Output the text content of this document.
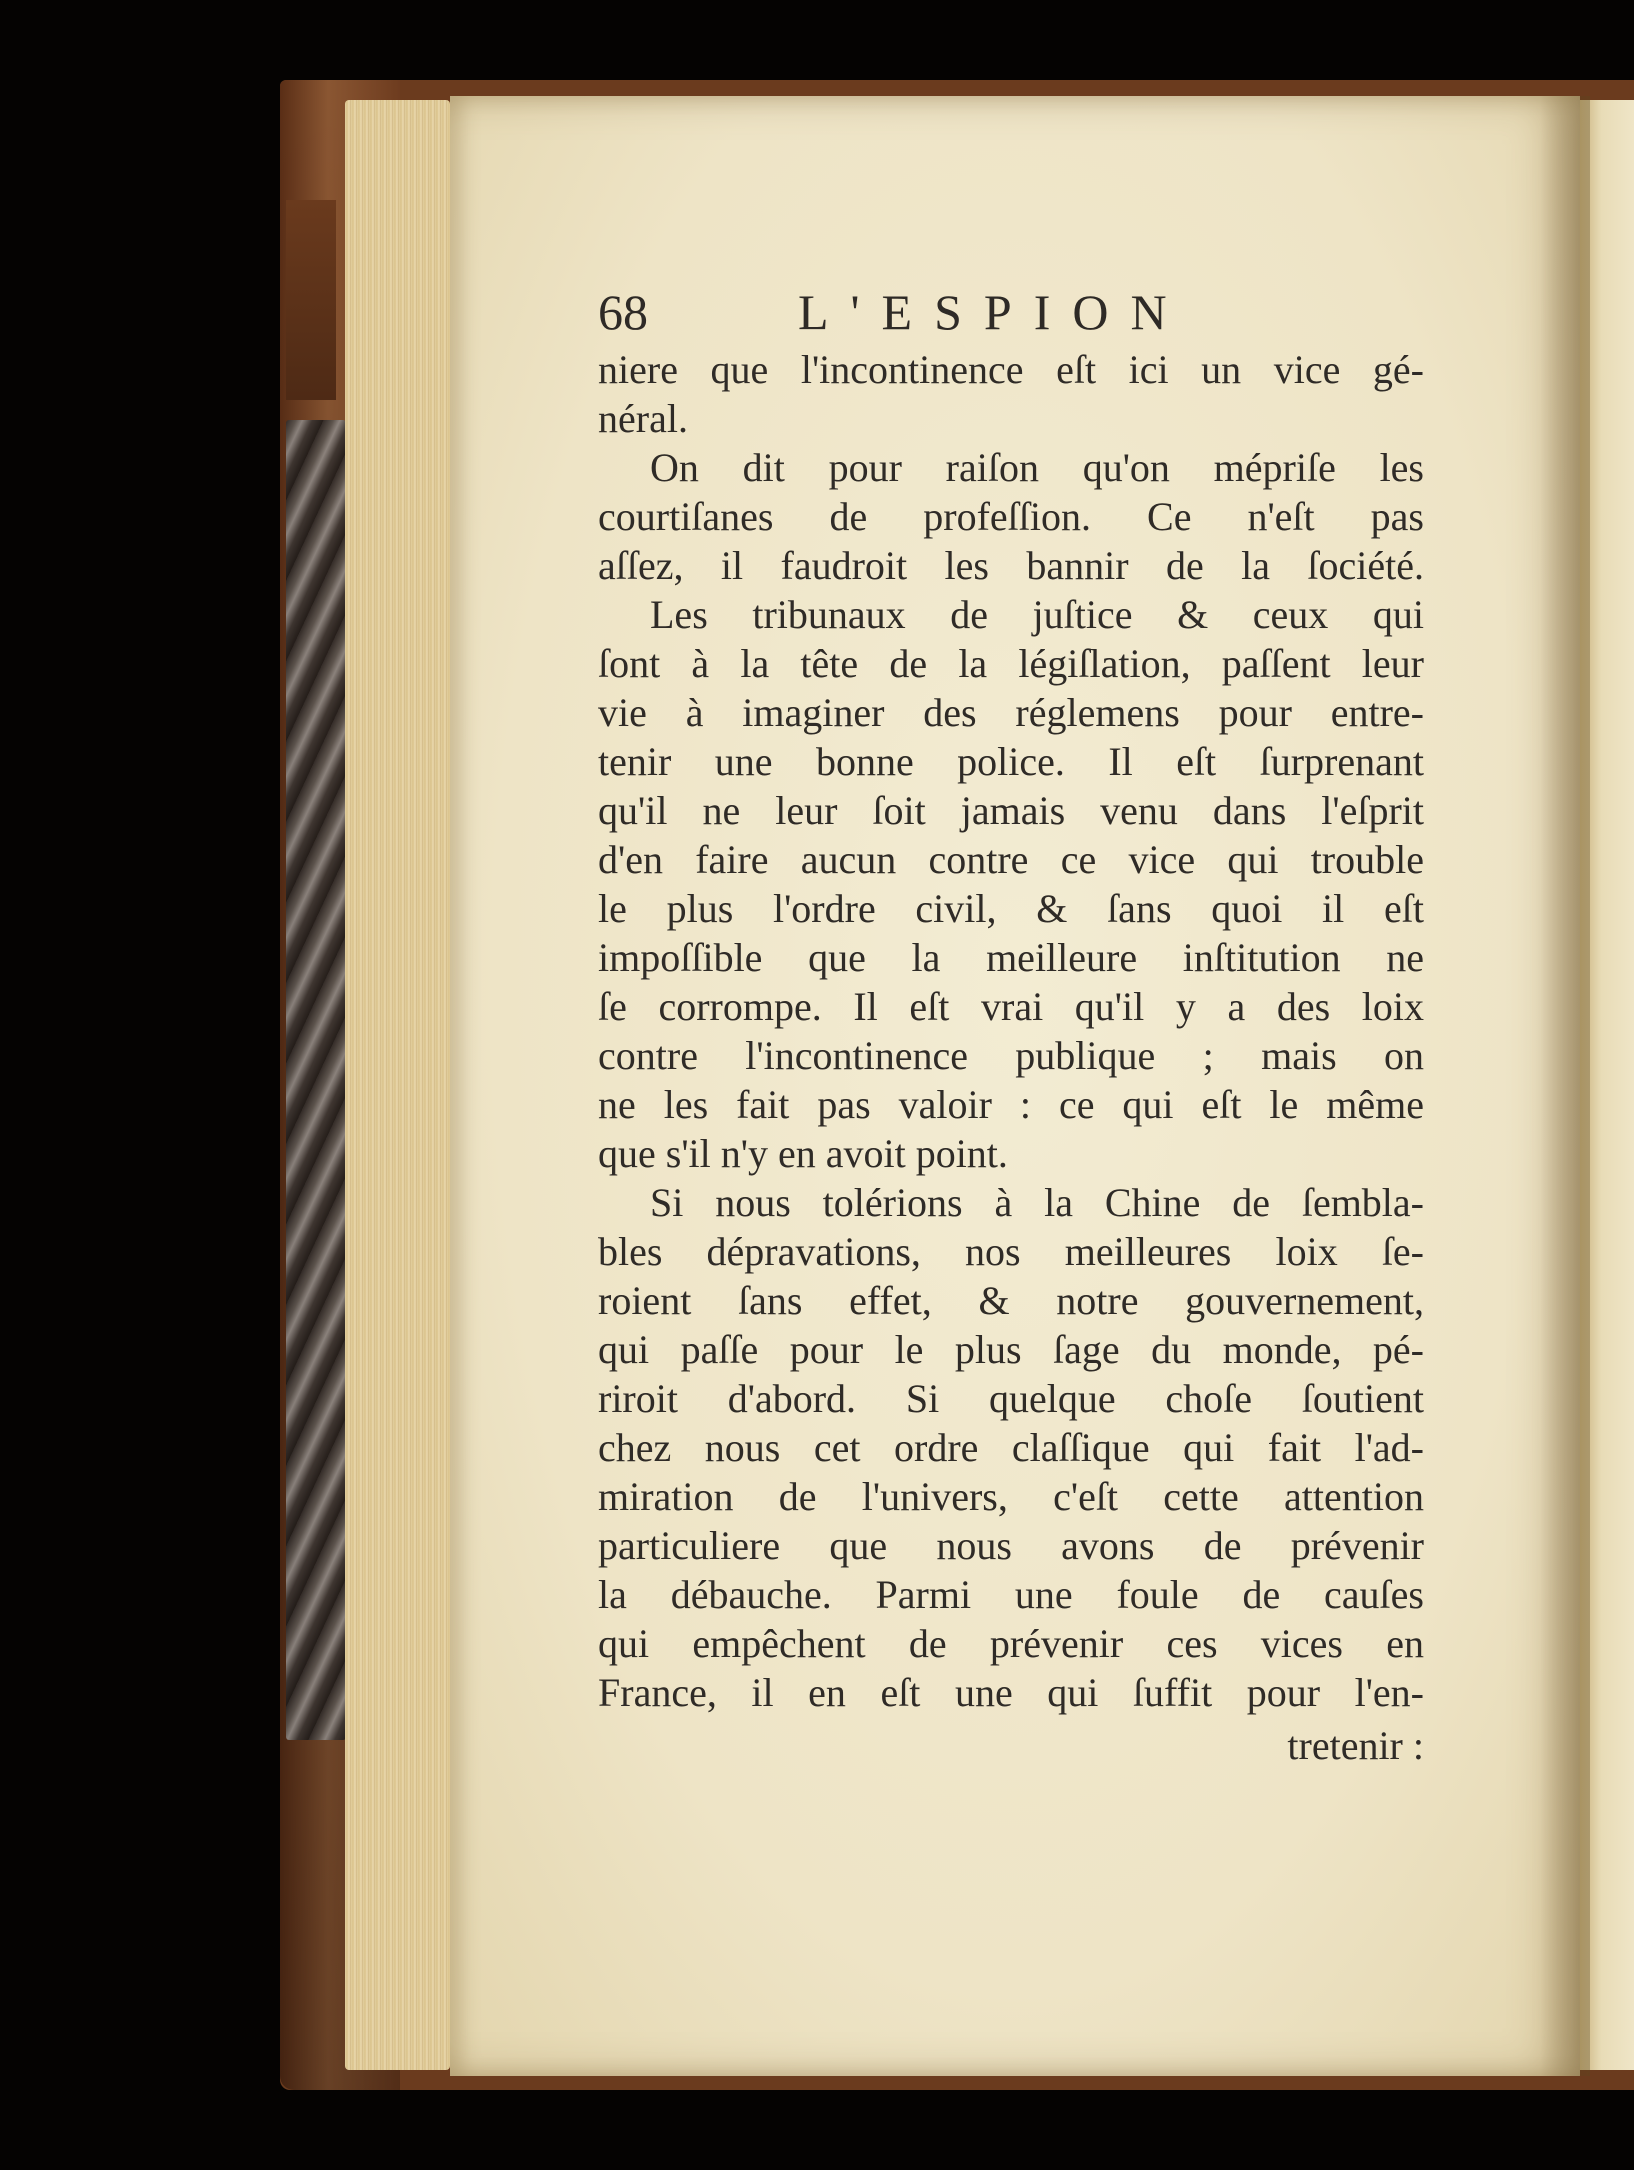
68	L'ESPION
niere que l'incontinence eſt ici un vice gé-
néral.
On dit pour raiſon qu'on mépriſe les
courtiſanes de profeſſion. Ce n'eſt pas
aſſez, il faudroit les bannir de la ſociété.
Les tribunaux de juſtice & ceux qui
ſont à la tête de la légiſlation, paſſent leur
vie à imaginer des réglemens pour entre-
tenir une bonne police. Il eſt ſurprenant
qu'il ne leur ſoit jamais venu dans l'eſprit
d'en faire aucun contre ce vice qui trouble
le plus l'ordre civil, & ſans quoi il eſt
impoſſible que la meilleure inſtitution ne
ſe corrompe. Il eſt vrai qu'il y a des loix
contre l'incontinence publique ; mais on
ne les fait pas valoir : ce qui eſt le même
que s'il n'y en avoit point.
Si nous tolérions à la Chine de ſembla-
bles dépravations, nos meilleures loix ſe-
roient ſans effet, & notre gouvernement,
qui paſſe pour le plus ſage du monde, pé-
riroit d'abord. Si quelque choſe ſoutient
chez nous cet ordre claſſique qui fait l'ad-
miration de l'univers, c'eſt cette attention
particuliere que nous avons de prévenir
la débauche. Parmi une foule de cauſes
qui empêchent de prévenir ces vices en
France, il en eſt une qui ſuffit pour l'en-
tretenir :
